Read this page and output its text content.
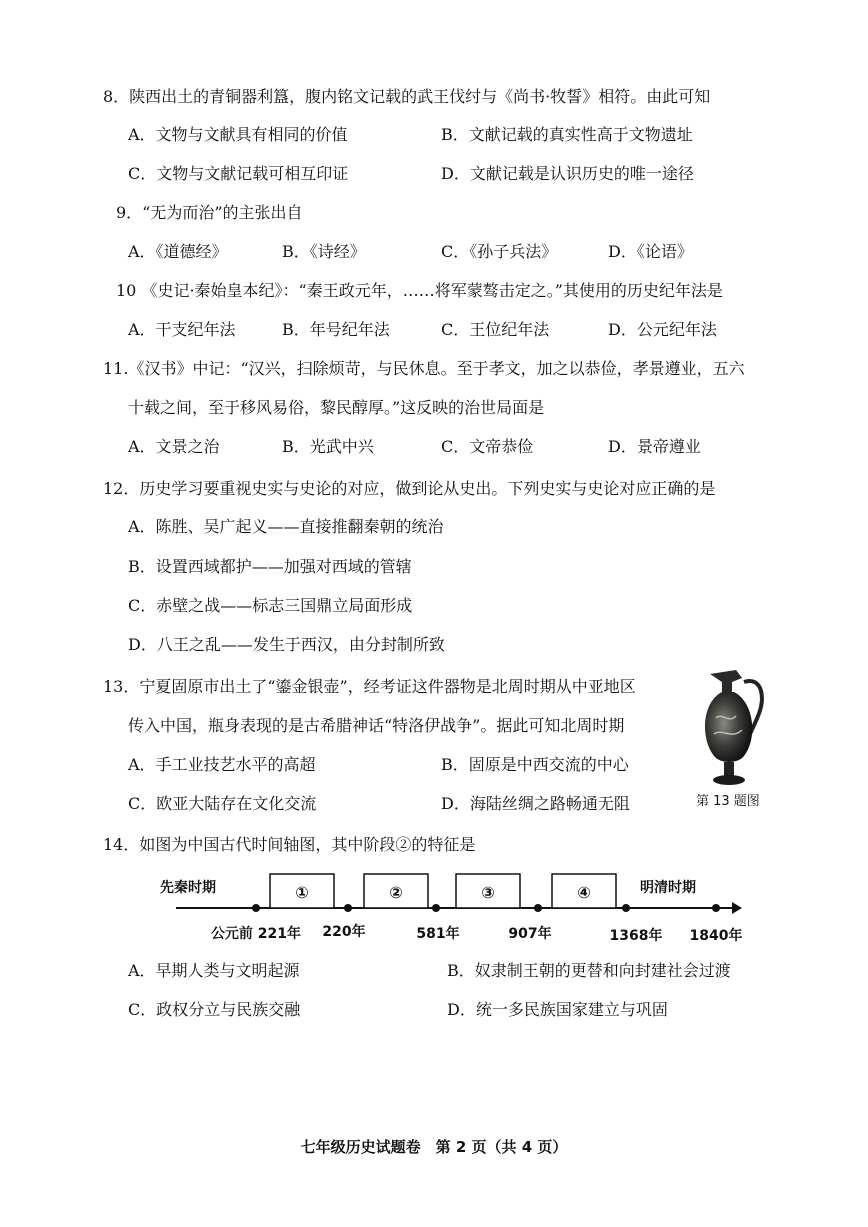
8．陕西出土的青铜器利簋，腹内铭文记载的武王伐纣与《尚书·牧誓》相符。由此可知
A．文物与文献具有相同的价值	B．文献记载的真实性高于文物遗址
C．文物与文献记载可相互印证	D．文献记载是认识历史的唯一途径
9．“无为而治”的主张出自
A．《道德经》	B．《诗经》	C．《孙子兵法》	D．《论语》
10 《史记·秦始皇本纪》：“秦王政元年，……将军蒙骜击定之。”其使用的历史纪年法是
A．干支纪年法	B．年号纪年法	C．王位纪年法	D．公元纪年法
11.《汉书》中记：“汉兴，扫除烦苛，与民休息。至于孝文，加之以恭俭，孝景遵业，五六
十载之间，至于移风易俗，黎民醇厚。”这反映的治世局面是
A．文景之治	B．光武中兴	C．文帝恭俭	D．景帝遵业
12．历史学习要重视史实与史论的对应，做到论从史出。下列史实与史论对应正确的是
A．陈胜、吴广起义——直接推翻秦朝的统治
B．设置西域都护——加强对西域的管辖
C．赤壁之战——标志三国鼎立局面形成
D．八王之乱——发生于西汉，由分封制所致
13．宁夏固原市出土了“鎏金银壶”，经考证这件器物是北周时期从中亚地区
传入中国，瓶身表现的是古希腊神话“特洛伊战争”。据此可知北周时期
A．手工业技艺水平的高超	B．固原是中西交流的中心
C．欧亚大陆存在文化交流	D．海陆丝绸之路畅通无阻	第 13 题图
14．如图为中国古代时间轴图，其中阶段②的特征是
先秦时期	明清时期
①	②	③	④
公元前 221年 220年	581年	907年	1368年 1840年
A．早期人类与文明起源	B．奴隶制王朝的更替和向封建社会过渡
C．政权分立与民族交融	D．统一多民族国家建立与巩固
七年级历史试题卷　第 2 页（共 4 页）
